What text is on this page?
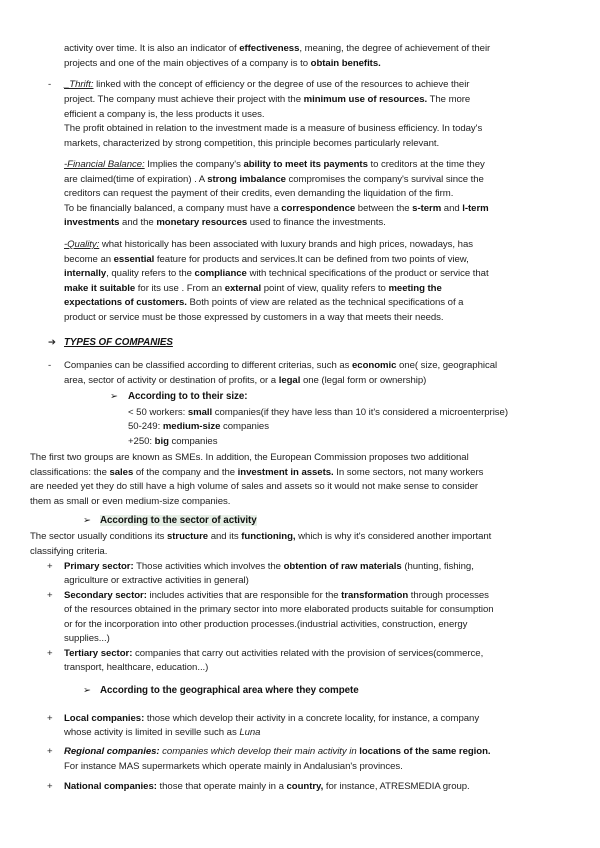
activity over time. It is also an indicator of effectiveness, meaning, the degree of achievement of their
projects and one of the main objectives of a company is to obtain benefits.
- _Thrift: linked with the concept of efficiency or the degree of use of the resources to achieve their
project. The company must achieve their project with the minimum use of resources. The more
efficient a company is, the less products it uses.
The profit obtained in relation to the investment made is a measure of business efficiency. In today's
markets, characterized by strong competition, this principle becomes particularly relevant.
-Financial Balance: Implies the company's ability to meet its payments to creditors at the time they
are claimed(time of expiration) . A strong imbalance compromises the company's survival since the
creditors can request the payment of their credits, even demanding the liquidation of the firm.
To be financially balanced, a company must have a correspondence between the s-term and l-term
investments and the monetary resources used to finance the investments.
-Quality: what historically has been associated with luxury brands and high prices, nowadays, has
become an essential feature for products and services.It can be defined from two points of view,
internally, quality refers to the compliance with technical specifications of the product or service that
make it suitable for its use . From an external point of view, quality refers to meeting the
expectations of customers. Both points of view are related as the technical specifications of a
product or service must be those expressed by customers in a way that meets their needs.
➔ TYPES OF COMPANIES
- Companies can be classified according to different criterias, such as economic one( size, geographical
area, sector of activity or destination of profits, or a legal one (legal form or ownership)
➢ According to to their size:
< 50 workers: small companies(if they have less than 10 it's considered a microenterprise)
50-249: medium-size companies
+250: big companies
The first two groups are known as SMEs. In addition, the European Commission proposes two additional
classifications: the sales of the company and the investment in assets. In some sectors, not many workers
are needed yet they do still have a high volume of sales and assets so it would not make sense to consider
them as small or even medium-size companies.
➢ According to the sector of activity
The sector usually conditions its structure and its functioning, which is why it's considered another important
classifying criteria.
+ Primary sector: Those activities which involves the obtention of raw materials (hunting, fishing,
agriculture or extractive activities in general)
+ Secondary sector: includes activities that are responsible for the transformation through processes
of the resources obtained in the primary sector into more elaborated products suitable for consumption
or for the incorporation into other production processes.(industrial activities, construction, energy
supplies...)
+ Tertiary sector: companies that carry out activities related with the provision of services(commerce,
transport, healthcare, education...)
➢ According to the geographical area where they compete
+ Local companies: those which develop their activity in a concrete locality, for instance, a company
whose activity is limited in seville such as Luna
+ Regional companies: companies which develop their main activity in locations of the same region.
For instance MAS supermarkets which operate mainly in Andalusian's provinces.
+ National companies: those that operate mainly in a country, for instance, ATRESMEDIA group.
